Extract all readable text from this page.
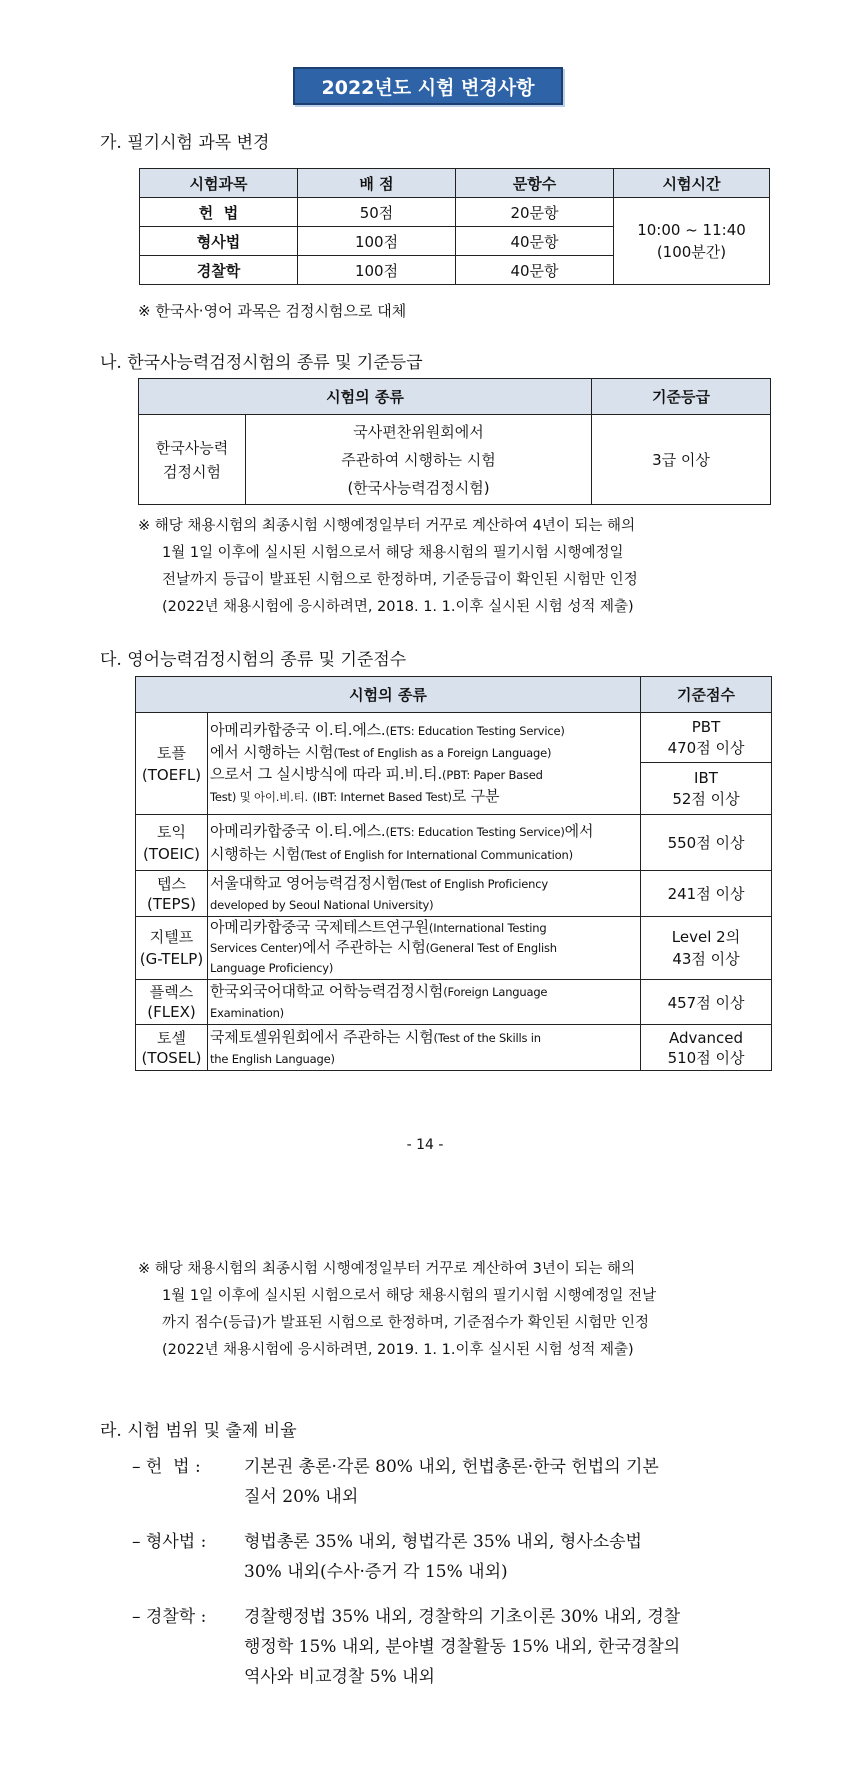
2022년도 시험 변경사항
가. 필기시험 과목 변경
시험과목	배 점	문항수	시험시간
헌  법	50점	20문항	10:00 ~ 11:40
(100분간)
형사법	100점	40문항	
경찰학	100점	40문항	
※ 한국사·영어 과목은 검정시험으로 대체
나. 한국사능력검정시험의 종류 및 기준등급
시험의 종류		기준등급
한국사능력
검정시험	국사편찬위원회에서
주관하여 시행하는 시험
(한국사능력검정시험)	3급 이상
※ 해당 채용시험의 최종시험 시행예정일부터 거꾸로 계산하여 4년이 되는 해의
1월 1일 이후에 실시된 시험으로서 해당 채용시험의 필기시험 시행예정일
전날까지 등급이 발표된 시험으로 한정하며, 기준등급이 확인된 시험만 인정
(2022년 채용시험에 응시하려면, 2018. 1. 1.이후 실시된 시험 성적 제출)
다. 영어능력검정시험의 종류 및 기준점수
시험의 종류		기준점수
토플
(TOEFL)	아메리카합중국 이.티.에스.(ETS: Education Testing Service)
에서 시행하는 시험(Test of English as a Foreign Language)
으로서 그 실시방식에 따라 피.비.티.(PBT: Paper Based
Test) 및 아이.비.티. (IBT: Internet Based Test)로 구분	PBT
470점 이상
		IBT
52점 이상
토익
(TOEIC)	아메리카합중국 이.티.에스.(ETS: Education Testing Service)에서
시행하는 시험(Test of English for International Communication)	550점 이상
텝스
(TEPS)	서울대학교 영어능력검정시험(Test of English Proficiency
developed by Seoul National University)	241점 이상
지텔프
(G-TELP)	아메리카합중국 국제테스트연구원(International Testing
Services Center)에서 주관하는 시험(General Test of English
Language Proficiency)	Level 2의
43점 이상
플렉스
(FLEX)	한국외국어대학교 어학능력검정시험(Foreign Language
Examination)	457점 이상
토셀
(TOSEL)	국제토셀위원회에서 주관하는 시험(Test of the Skills in
the English Language)	Advanced
510점 이상
- 14 -
※ 해당 채용시험의 최종시험 시행예정일부터 거꾸로 계산하여 3년이 되는 해의
1월 1일 이후에 실시된 시험으로서 해당 채용시험의 필기시험 시행예정일 전날
까지 점수(등급)가 발표된 시험으로 한정하며, 기준점수가 확인된 시험만 인정
(2022년 채용시험에 응시하려면, 2019. 1. 1.이후 실시된 시험 성적 제출)
라. 시험 범위 및 출제 비율
– 헌  법 :	기본권 총론·각론 80% 내외, 헌법총론·한국 헌법의 기본
질서 20% 내외
– 형사법 : 형법총론 35% 내외, 형법각론 35% 내외, 형사소송법
30% 내외(수사·증거 각 15% 내외)
– 경찰학 : 경찰행정법 35% 내외, 경찰학의 기초이론 30% 내외, 경찰
행정학 15% 내외, 분야별 경찰활동 15% 내외, 한국경찰의
역사와 비교경찰 5% 내외
